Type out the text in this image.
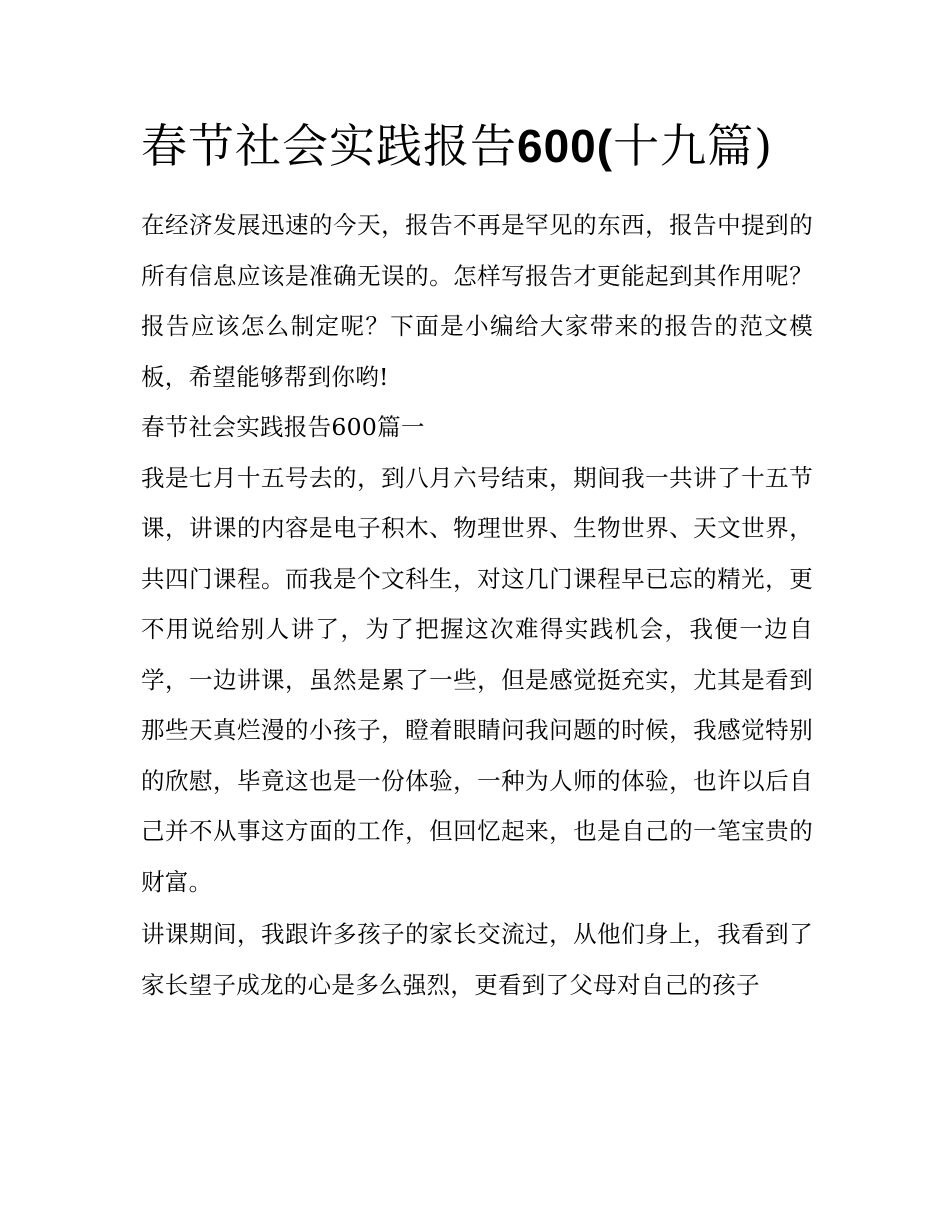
春节社会实践报告600(十九篇)

在经济发展迅速的今天，报告不再是罕见的东西，报告中提到的所有信息应该是准确无误的。怎样写报告才更能起到其作用呢？报告应该怎么制定呢？下面是小编给大家带来的报告的范文模板，希望能够帮到你哟!

春节社会实践报告600篇一

我是七月十五号去的，到八月六号结束，期间我一共讲了十五节课，讲课的内容是电子积木、物理世界、生物世界、天文世界，共四门课程。而我是个文科生，对这几门课程早已忘的精光，更不用说给别人讲了，为了把握这次难得实践机会，我便一边自学，一边讲课，虽然是累了一些，但是感觉挺充实，尤其是看到那些天真烂漫的小孩子，瞪着眼睛问我问题的时候，我感觉特别的欣慰，毕竟这也是一份体验，一种为人师的体验，也许以后自己并不从事这方面的工作，但回忆起来，也是自己的一笔宝贵的财富。

讲课期间，我跟许多孩子的家长交流过，从他们身上，我看到了家长望子成龙的心是多么强烈，更看到了父母对自己的孩子
